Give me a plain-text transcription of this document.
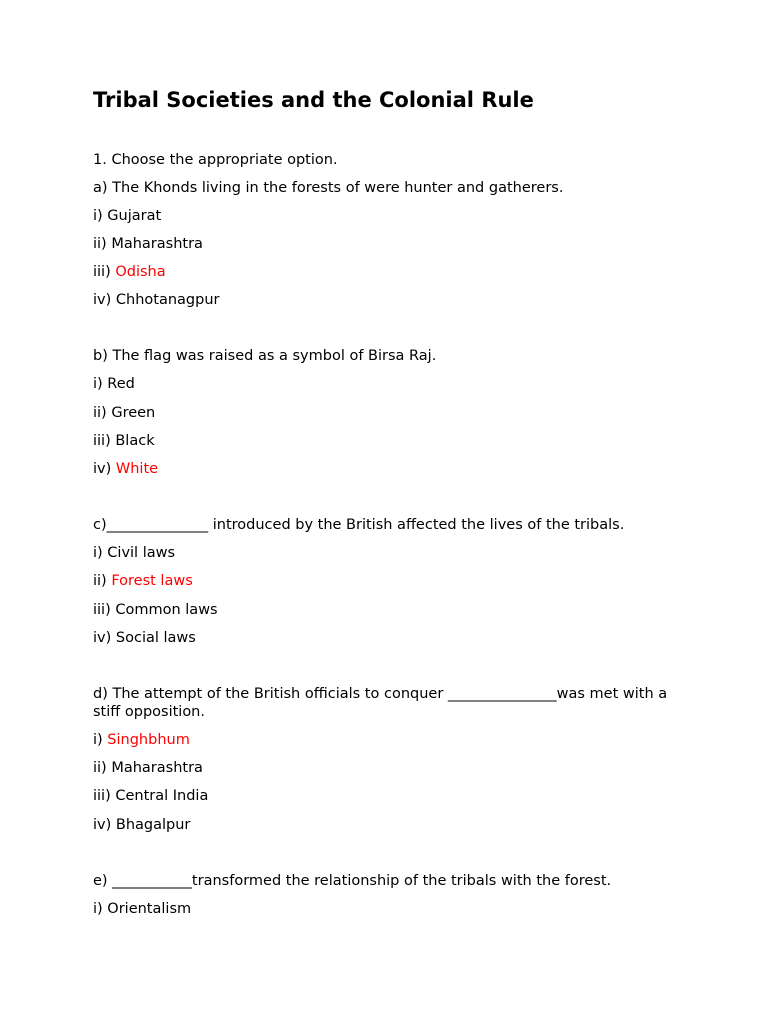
Tribal Societies and the Colonial Rule

1. Choose the appropriate option.

a) The Khonds living in the forests of were hunter and gatherers.

i) Gujarat

ii) Maharashtra

iii) Odisha

iv) Chhotanagpur

b) The flag was raised as a symbol of Birsa Raj.

i) Red

ii) Green

iii) Black

iv) White

c)______________ introduced by the British affected the lives of the tribals.

i) Civil laws

ii) Forest laws

iii) Common laws

iv) Social laws

d) The attempt of the British officials to conquer _______________was met with a stiff opposition.

i) Singhbhum

ii) Maharashtra

iii) Central India

iv) Bhagalpur

e) ___________transformed the relationship of the tribals with the forest.

i) Orientalism
